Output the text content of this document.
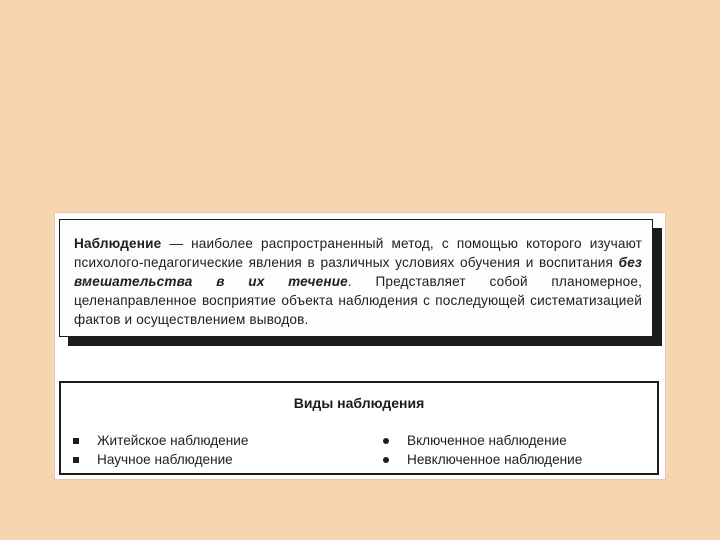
Наблюдение — наиболее распространенный метод, с помощью которого изучают психолого-педагогические явления в различных условиях обучения и воспитания без вмешательства в их течение. Представляет собой планомерное, целенаправленное восприятие объекта наблюдения с последующей систематизацией фактов и осуществлением выводов.

Виды наблюдения
Житейское наблюдение
Научное наблюдение
Включенное наблюдение
Невключенное наблюдение
